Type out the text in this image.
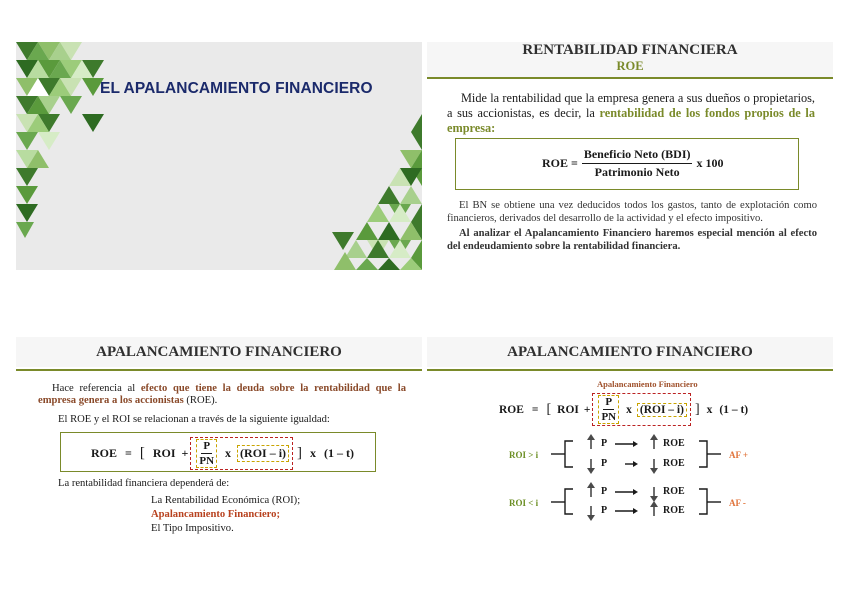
EL APALANCAMIENTO FINANCIERO
RENTABILIDAD FINANCIERA
ROE
Mide la rentabilidad que la empresa genera a sus dueños o propietarios, a sus accionistas, es decir, la rentabilidad de los fondos propios de la empresa:
ROE = $\frac{\text{Beneficio Neto (BDI)}}{\text{Patrimonio Neto}}$ x 100
El BN se obtiene una vez deducidos todos los gastos, tanto de explotación como financieros, derivados del desarrollo de la actividad y el efecto impositivo.
Al analizar el Apalancamiento Financiero haremos especial mención al efecto del endeudamiento sobre la rentabilidad financiera.
APALANCAMIENTO FINANCIERO
Hace referencia al efecto que tiene la deuda sobre la rentabilidad que la empresa genera a los accionistas (ROE).
El ROE y el ROI se relacionan a través de la siguiente igualdad:
ROE = [ ROI + $\frac{P}{PN}$ x (ROI – i) ] x (1 – t)
La rentabilidad financiera dependerá de:
La Rentabilidad Económica (ROI);
Apalancamiento Financiero;
El Tipo Impositivo.
APALANCAMIENTO FINANCIERO
Apalancamiento Financiero
ROE = [ ROI + $\frac{P}{PN}$ x (ROI – i) ] x (1 – t)
ROI > i
P
P
ROE
ROE
AF +
ROI < i
P
P
ROE
ROE
AF -
